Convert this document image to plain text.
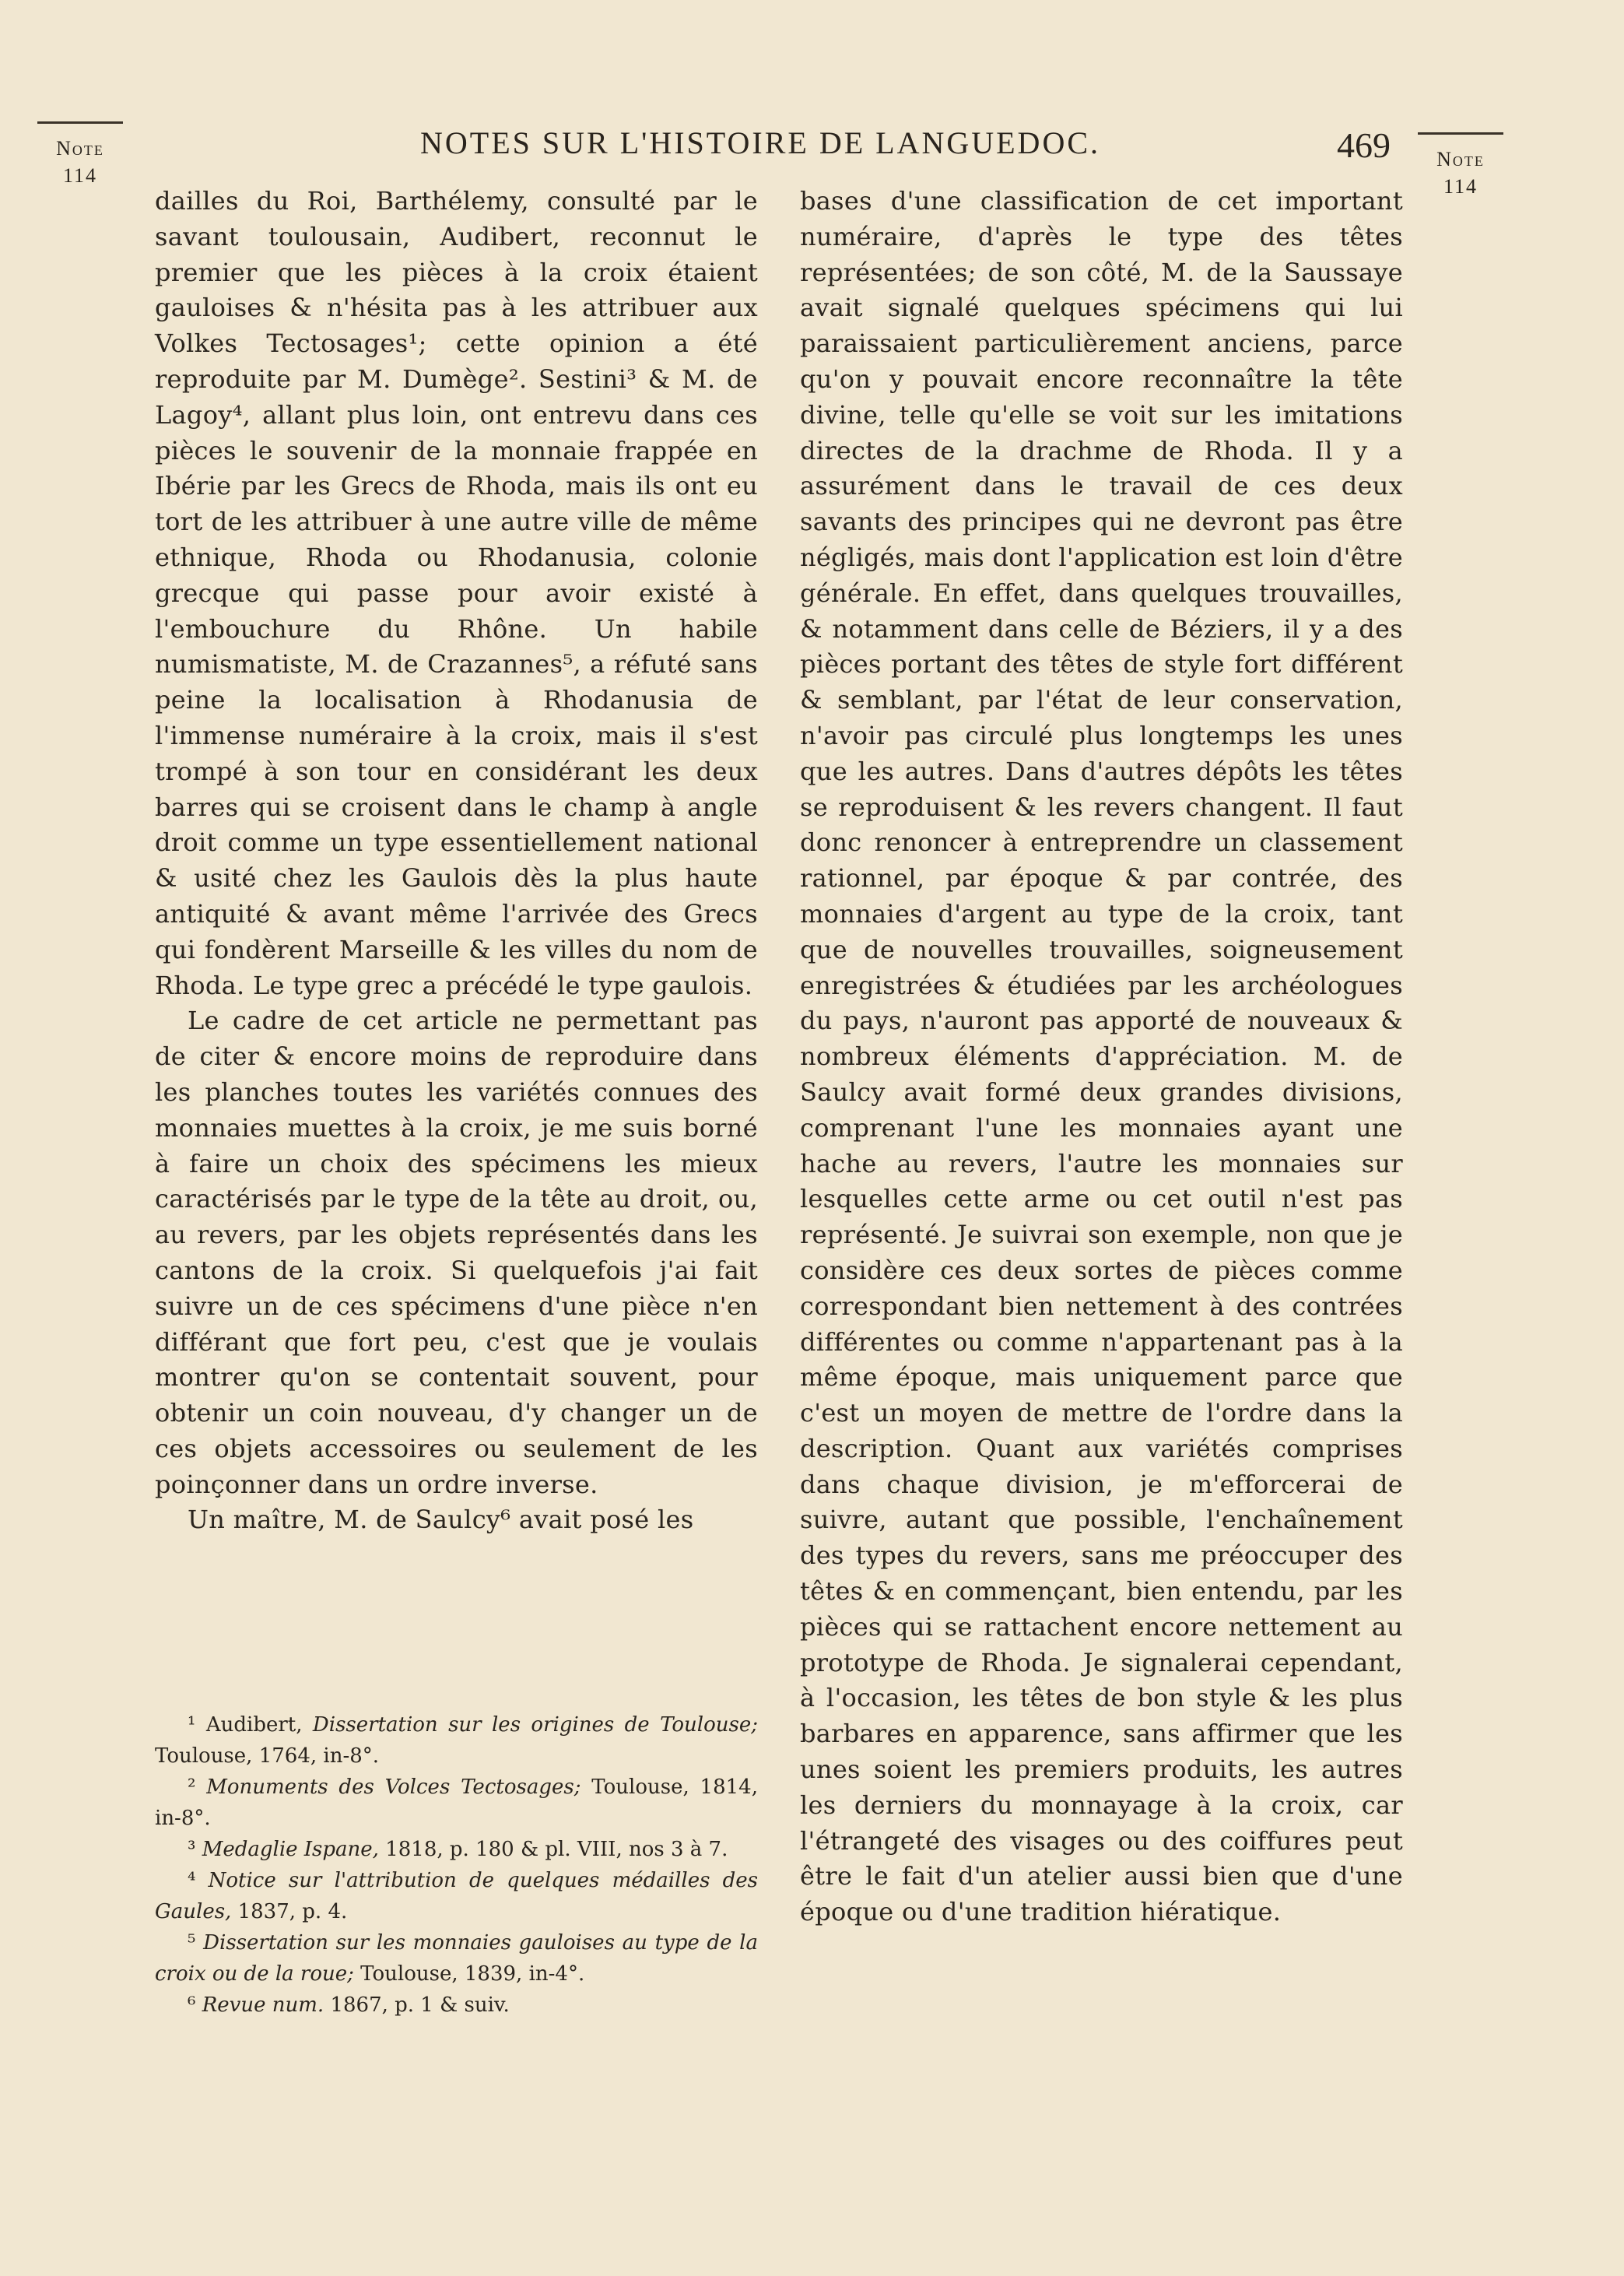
Note
114
Note
114
NOTES SUR L'HISTOIRE DE LANGUEDOC.	469

dailles du Roi, Barthélemy, consulté par le savant toulousain, Audibert, reconnut le premier que les pièces à la croix étaient gauloises & n'hésita pas à les attribuer aux Volkes Tectosages¹; cette opinion a été reproduite par M. Dumège². Sestini³ & M. de Lagoy⁴, allant plus loin, ont entrevu dans ces pièces le souvenir de la monnaie frappée en Ibérie par les Grecs de Rhoda, mais ils ont eu tort de les attribuer à une autre ville de même ethnique, Rhoda ou Rhodanusia, colonie grecque qui passe pour avoir existé à l'embouchure du Rhône. Un habile numismatiste, M. de Crazannes⁵, a réfuté sans peine la localisation à Rhodanusia de l'immense numéraire à la croix, mais il s'est trompé à son tour en considérant les deux barres qui se croisent dans le champ à angle droit comme un type essentiellement national & usité chez les Gaulois dès la plus haute antiquité & avant même l'arrivée des Grecs qui fondèrent Marseille & les villes du nom de Rhoda. Le type grec a précédé le type gaulois.

Le cadre de cet article ne permettant pas de citer & encore moins de reproduire dans les planches toutes les variétés connues des monnaies muettes à la croix, je me suis borné à faire un choix des spécimens les mieux caractérisés par le type de la tête au droit, ou, au revers, par les objets représentés dans les cantons de la croix. Si quelquefois j'ai fait suivre un de ces spécimens d'une pièce n'en différant que fort peu, c'est que je voulais montrer qu'on se contentait souvent, pour obtenir un coin nouveau, d'y changer un de ces objets accessoires ou seulement de les poinçonner dans un ordre inverse.

Un maître, M. de Saulcy⁶ avait posé les

¹ Audibert, Dissertation sur les origines de Toulouse; Toulouse, 1764, in-8°.

² Monuments des Volces Tectosages; Toulouse, 1814, in-8°.

³ Medaglie Ispane, 1818, p. 180 & pl. VIII, nos 3 à 7.

⁴ Notice sur l'attribution de quelques médailles des Gaules, 1837, p. 4.

⁵ Dissertation sur les monnaies gauloises au type de la croix ou de la roue; Toulouse, 1839, in-4°.

⁶ Revue num. 1867, p. 1 & suiv.

bases d'une classification de cet important numéraire, d'après le type des têtes représentées; de son côté, M. de la Saussaye avait signalé quelques spécimens qui lui paraissaient particulièrement anciens, parce qu'on y pouvait encore reconnaître la tête divine, telle qu'elle se voit sur les imitations directes de la drachme de Rhoda. Il y a assurément dans le travail de ces deux savants des principes qui ne devront pas être négligés, mais dont l'application est loin d'être générale. En effet, dans quelques trouvailles, & notamment dans celle de Béziers, il y a des pièces portant des têtes de style fort différent & semblant, par l'état de leur conservation, n'avoir pas circulé plus longtemps les unes que les autres. Dans d'autres dépôts les têtes se reproduisent & les revers changent. Il faut donc renoncer à entreprendre un classement rationnel, par époque & par contrée, des monnaies d'argent au type de la croix, tant que de nouvelles trouvailles, soigneusement enregistrées & étudiées par les archéologues du pays, n'auront pas apporté de nouveaux & nombreux éléments d'appréciation. M. de Saulcy avait formé deux grandes divisions, comprenant l'une les monnaies ayant une hache au revers, l'autre les monnaies sur lesquelles cette arme ou cet outil n'est pas représenté. Je suivrai son exemple, non que je considère ces deux sortes de pièces comme correspondant bien nettement à des contrées différentes ou comme n'appartenant pas à la même époque, mais uniquement parce que c'est un moyen de mettre de l'ordre dans la description. Quant aux variétés comprises dans chaque division, je m'efforcerai de suivre, autant que possible, l'enchaînement des types du revers, sans me préoccuper des têtes & en commençant, bien entendu, par les pièces qui se rattachent encore nettement au prototype de Rhoda. Je signalerai cependant, à l'occasion, les têtes de bon style & les plus barbares en apparence, sans affirmer que les unes soient les premiers produits, les autres les derniers du monnayage à la croix, car l'étrangeté des visages ou des coiffures peut être le fait d'un atelier aussi bien que d'une époque ou d'une tradition hiératique.
